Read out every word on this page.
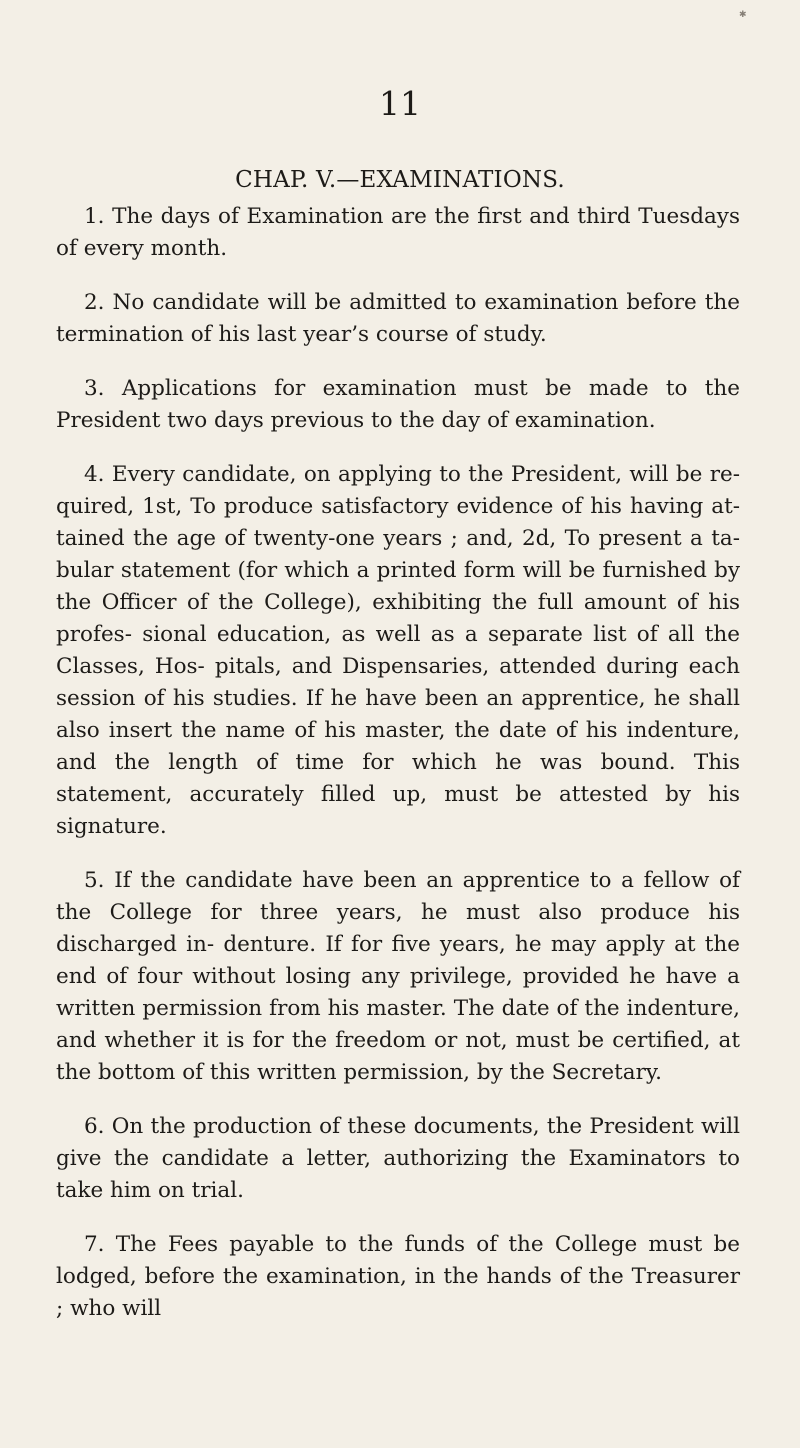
✱
11
CHAP. V.—EXAMINATIONS.

1. The days of Examination are the first and third Tuesdays of every month.

2. No candidate will be admitted to examination before the termination of his last year’s course of study.

3. Applications for examination must be made to the President two days previous to the day of examination.

4. Every candidate, on applying to the President, will be re- quired, 1st, To produce satisfactory evidence of his having at- tained the age of twenty-one years ; and, 2d, To present a ta- bular statement (for which a printed form will be furnished by the Officer of the College), exhibiting the full amount of his profes- sional education, as well as a separate list of all the Classes, Hos- pitals, and Dispensaries, attended during each session of his studies. If he have been an apprentice, he shall also insert the name of his master, the date of his indenture, and the length of time for which he was bound. This statement, accurately filled up, must be attested by his signature.

5. If the candidate have been an apprentice to a fellow of the College for three years, he must also produce his discharged in- denture. If for five years, he may apply at the end of four without losing any privilege, provided he have a written permission from his master. The date of the indenture, and whether it is for the freedom or not, must be certified, at the bottom of this written permission, by the Secretary.

6. On the production of these documents, the President will give the candidate a letter, authorizing the Examinators to take him on trial.

7. The Fees payable to the funds of the College must be lodged, before the examination, in the hands of the Treasurer ; who will
